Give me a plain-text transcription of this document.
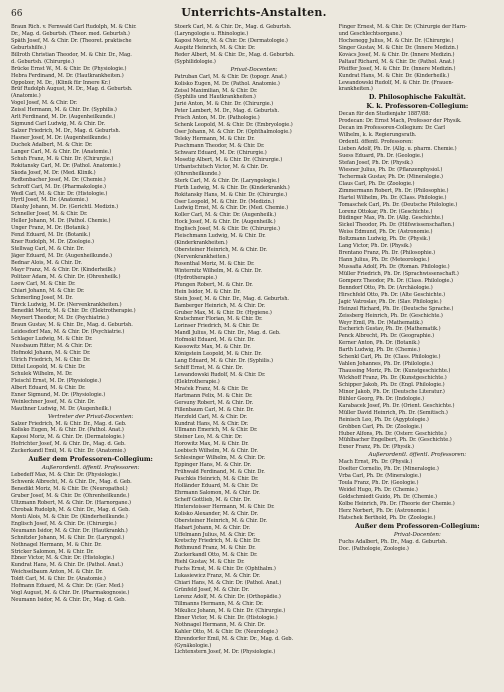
66	Unterrichts-Anstalten.
Braun Rich. v. Fernwald Carl Rudolph, M. & Chir.
Dr., Mag. d. Geburtsh. (Theor. med. Geburtsh.)
Späth Josef, M. & Chir. Dr. (Theoret. praktische
Geburtshilfe.)
Billroth Christian Theodor, M. & Chir. Dr., Mag.
d. Geburtsh. (Chirurgie.)
Brücke Ernst W., M. & Chir. Dr. (Physiologie.)
Hebra Ferdinand, M. Dr. (Hautkrankheiten.)
Oppolzer, M. Dr., (Klinik für Innere Kr.)
Brüf Rudolph August, M. Dr., Mag. d. Geburtsh.
(Anatomie.)
Vogel Josef, M. & Chir. Dr.
Zeissl Hermann, M. & Chir. Dr. (Syphilis.)
Arlt Ferdinand, M. Dr. (Augenheilkunde.)
Sigmund Carl Ludwig, M. & Chir. Dr.
Salzer Friedrich, M. Dr., Mag. d. Geburtsh.
Hasner Josef, M. Dr. (Augenheilkunde.)
Duchek Adalbert, M. & Chir. Dr.
Langer Carl, M. & Chir. Dr. (Anatomie.)
Schuh Franz, M. & Chir. Dr. (Chirurgie.)
Rokitansky Carl, M. Dr. (Pathol. Anatomie.)
Skoda Josef, M. Dr. (Med. Klinik.)
Redtenbacher Josef, M. Dr. (Chemie.)
Schroff Carl, M. Dr. (Pharmakologie.)
Wedl Carl, M. & Chir. Dr. (Histologie.)
Hyrtl Josef, M. Dr. (Anatomie.)
Dlauhy Johann, M. Dr. (Gerichtl. Medizin.)
Schneller Josef, M. & Chir. Dr.
Heller Johann, M. Dr. (Pathol. Chemie.)
Unger Franz, M. Dr. (Botanik.)
Fenzl Eduard, M. Dr. (Botanik.)
Kner Rudolph, M. Dr. (Zoologie.)
Stellwag Carl, M. & Chir. Dr.
Jäger Eduard, M. Dr. (Augenheilkunde.)
Bednar Alois, M. & Chir. Dr.
Mayr Franz, M. & Chir. Dr. (Kinderheilk.)
Politzer Adam, M. & Chir. Dr. (Ohrenheilk.)
Loew Carl, M. & Chir. Dr.
Chiari Johann, M. & Chir. Dr.
Schmerling Josef, M. Dr.
Türck Ludwig, M. Dr. (Nervenkrankheiten.)
Benedikt Moriz, M. & Chir. Dr. (Elektrotherapie.)
Meynert Theodor, M. Dr. (Psychiatrie.)
Braun Gustav, M. & Chir. Dr., Mag. d. Geburtsh.
Leidesdorf Max, M. & Chir. Dr. (Psychiatrie.)
Schlager Ludwig, M. & Chir. Dr.
Nussbaum Ritter, M. & Chir. Dr.
Hofmokl Johann, M. & Chir. Dr.
Ulrich Friedrich, M. & Chir. Dr.
Dittel Leopold, M. & Chir. Dr.
Schulek Wilhelm, M. Dr.
Fleischl Ernst, M. Dr. (Physiologie.)
Albert Eduard, M. & Chir. Dr.
Exner Sigmund, M. Dr. (Physiologie.)
Weinlechner Josef, M. & Chir. Dr.
Mauthner Ludwig, M. Dr. (Augenheilk.)
Vertreter der Privat-Docenten:
Salzer Friedrich, M. & Chir. Dr., Mag. d. Geb.
Kolisko Eugen, M. & Chir. Dr. (Pathol. Anat.)
Kaposi Moriz, M. & Chir. Dr. (Dermatologie.)
Hofrichter Josef, M. & Chir. Dr., Mag. d. Geb.
Zuckerkandl Emil, M. & Chir. Dr. (Anatomie.)
Außer dem Professoren-Collegium:
Außerordentl. öffentl. Professoren:
Lebedeff Max, M. & Chir. Dr. (Physiologie.)
Schwenk Albrecht, M. & Chir. Dr., Mag. d. Geb.
Benedikt Moriz, M. & Chir. Dr. (Neuropathol.)
Gruber Josef, M. & Chir. Dr. (Ohrenheilkunde.)
Ultzmann Robert, M. & Chir. Dr. (Harnorgane.)
Chrobak Rudolph, M. & Chir. Dr., Mag. d. Geb.
Monti Alois, M. & Chir. Dr. (Kinderheilkunde.)
Englisch Josef, M. & Chir. Dr. (Chirurgie.)
Neumann Isidor, M. & Chir. Dr. (Hautkrankh.)
Schnitzler Johann, M. & Chir. Dr. (Laryngol.)
Nothnagel Hermann, M. & Chir. Dr.
Stricker Salomon, M. & Chir. Dr.
Ebner Victor, M. & Chir. Dr. (Histologie.)
Kundrat Hans, M. & Chir. Dr. (Pathol. Anat.)
Weichselbaum Anton, M. & Chir. Dr.
Toldt Carl, M. & Chir. Dr. (Anatomie.)
Hofmann Eduard, M. & Chir. Dr. (Ger. Med.)
Vogl August, M. & Chir. Dr. (Pharmakognosie.)
Neumann Isidor, M. & Chir. Dr., Mag. d. Geb.
Stoerk Carl, M. & Chir. Dr., Mag. d. Geburtsh.
(Laryngologie u. Rhinologie.)
Kaposi Moriz, M. & Chir. Dr. (Dermatologie.)
Auspitz Heinrich, M. & Chir. Dr.
Reder Albert, M. & Chir. Dr., Mag. d. Geburtsh.
(Syphilidologie.)
Privat-Docenten:
Patruban Carl, M. & Chir. Dr. (topogr. Anat.)
Kolisko Eugen, M. Dr. (Pathol. Anatomie.)
Zeissl Maximilian, M. & Chir. Dr.
(Syphilis und Hautkrankheiten.)
Jurié Anton, M. & Chir. Dr. (Chirurgie.)
Peter Lambert, M. Dr., Mag. d. Geburtsh.
Frisch Anton, M. Dr. (Pathologie.)
Schenk Leopold, M. & Chir. Dr. (Embryologie.)
Oser Johann, M. & Chir. Dr. (Ophthalmologie.)
Teleky Hermann, M. & Chir. Dr.
Puschmann Theodor, M. & Chir. Dr.
Schwarz Eduard, M. Dr. (Chirurgie.)
Mosetig Albert, M. & Chir. Dr. (Chirurgie.)
Urbantschitsch Victor, M. & Chir. Dr.
(Ohrenheilkunde.)
Sterk Carl, M. & Chir. Dr. (Laryngologie.)
Fürth Ludwig, M. & Chir. Dr. (Kinderkrankh.)
Rokitansky Hans, M. & Chir. Dr. (Chirurgie.)
Oser Leopold, M. & Chir. Dr. (Medizin.)
Ludwig Ernst, M. & Chir. Dr. (Med. Chemie.)
Koller Carl, M. & Chir. Dr. (Augenheilk.)
Hock Josef, M. & Chir. Dr. (Augenheilk.)
Englisch Josef, M. & Chir. Dr. (Chirurgie.)
Fleischmann Ludwig, M. & Chir. Dr.
(Kinderkrankheiten.)
Obersteiner Heinrich, M. & Chir. Dr.
(Nervenkrankheiten.)
Rosenthal Moriz, M. & Chir. Dr.
Winternitz Wilhelm, M. & Chir. Dr.
(Hydrotherapie.)
Pfungen Robert, M. & Chir. Dr.
Hein Isidor, M. & Chir. Dr.
Stein Josef, M. & Chir. Dr., Mag. d. Geburtsh.
Bamberger Heinrich, M. & Chir. Dr.
Gruber Max, M. & Chir. Dr. (Hygiene.)
Kratschmer Florian, M. & Chir. Dr.
Lorinser Friedrich, M. & Chir. Dr.
Mandl Julius, M. & Chir. Dr., Mag. d. Geb.
Hofmokl Eduard, M. & Chir. Dr.
Kassowitz Max, M. & Chir. Dr.
Königstein Leopold, M. & Chir. Dr.
Lang Eduard, M. & Chir. Dr. (Syphilis.)
Schiff Ernst, M. & Chir. Dr.
Lewandowski Rudolf, M. & Chir. Dr.
(Elektrotherapie.)
Mraček Franz, M. & Chir. Dr.
Hartmann Felix, M. & Chir. Dr.
Gersuny Robert, M. & Chir. Dr.
Fillenbaum Carl, M. & Chir. Dr.
Herzfeld Carl, M. & Chir. Dr.
Kundrat Hans, M. & Chir. Dr.
Ullmann Emerich, M. & Chir. Dr.
Steiner Leo, M. & Chir. Dr.
Horowitz Max, M. & Chir. Dr.
Loebisch Wilhelm, M. & Chir. Dr.
Schlesinger Wilhelm, M. & Chir. Dr.
Eppinger Hans, M. & Chir. Dr.
Frühwald Ferdinand, M. & Chir. Dr.
Paschkis Heinrich, M. & Chir. Dr.
Holländer Eduard, M. & Chir. Dr.
Ehrmann Salomon, M. & Chir. Dr.
Scheff Gottlieb, M. & Chir. Dr.
Hinterstoisser Hermann, M. & Chir. Dr.
Kolisko Alexander, M. & Chir. Dr.
Obersteiner Heinrich, M. & Chir. Dr.
Habart Johann, M. & Chir. Dr.
Uffelmann Julius, M. & Chir. Dr.
Kretschy Friedrich, M. & Chir. Dr.
Rothmund Franz, M. & Chir. Dr.
Zuckerkandl Otto, M. & Chir. Dr.
Riehl Gustav, M. & Chir. Dr.
Fuchs Ernst, M. & Chir. Dr. (Ophthalm.)
Lukasiewicz Franz, M. & Chir. Dr.
Chiari Hans, M. & Chir. Dr. (Pathol. Anat.)
Grünfeld Josef, M. & Chir. Dr.
Lorenz Adolf, M. & Chir. Dr. (Orthopädie.)
Tillmanns Hermann, M. & Chir. Dr.
Mikulicz Johann, M. & Chir. Dr. (Chirurgie.)
Ebner Victor, M. & Chir. Dr. (Histologie.)
Nothnagel Hermann, M. & Chir. Dr.
Kahler Otto, M. & Chir. Dr. (Neurologie.)
Ehrendorfer Emil, M. & Chir. Dr., Mag. d. Geb.
(Gynäkologie.)
Lichtenstern Josef, M. Dr. (Physiologie.)
Finger Ernest, M. & Chir. Dr. (Chirurgie der Harn-
und Geschlechtsorgane.)
Hochenegg Julius, M. & Chir. Dr. (Chirurgie.)
Singer Gustav, M. & Chir. Dr. (Innere Medizin.)
Kovács Josef, M. & Chir. Dr. (Innere Medizin.)
Paltauf Richard, M. & Chir. Dr. (Pathol. Anat.)
Pfeiffer Josef, M. & Chir. Dr. (Innere Medizin.)
Kundrat Hans, M. & Chir. Dr. (Kinderheilk.)
Lewandowski Rudolf, M. & Chir. Dr. (Frauen-
krankheiten.)
D. Philosophische Fakultät.
K. k. Professoren-Collegium:
Decan für den Studienjahr 1887/88:
Prodecan: Dr. Ernst Mach, Professor der Physik.
Decan im Professoren-Collegium: Dr. Carl
Wilhelm, k. k. Regierungsrath.
Ordentl. öffentl. Professoren:
Lieben Adolf, Ph. Dr. (Allg. u. pharm. Chemie.)
Suess Eduard, Ph. Dr. (Geologie.)
Stefan Josef, Ph. Dr. (Physik.)
Wiesner Julius, Ph. Dr. (Pflanzenphysiol.)
Tschermak Gustav, Ph. Dr. (Mineralogie.)
Claus Carl, Ph. Dr. (Zoologie.)
Zimmermann Robert, Ph. Dr. (Philosophie.)
Hartel Wilhelm, Ph. Dr. (Class. Philologie.)
Tomaschek Carl, Ph. Dr. (Deutsche Philologie.)
Lorenz Ottokar, Ph. Dr. (Geschichte.)
Büdinger Max, Ph. Dr. (Allg. Geschichte.)
Sickel Theodor, Ph. Dr. (Hilfswissenschaften.)
Weiss Edmund, Ph. Dr. (Astronomie.)
Boltzmann Ludwig, Ph. Dr. (Physik.)
Lang Victor, Ph. Dr. (Physik.)
Brentano Franz, Ph. Dr. (Philosophie.)
Hann Julius, Ph. Dr. (Meteorologie.)
Mussafia Adolf, Ph. Dr. (Roman. Philologie.)
Müller Friedrich, Ph. Dr. (Sprachwissenschaft.)
Gomperz Theodor, Ph. Dr. (Class. Philologie.)
Benndorf Otto, Ph. Dr. (Archäologie.)
Hirschfeld Otto, Ph. Dr. (Alte Geschichte.)
Jagić Vatroslav, Ph. Dr. (Slav. Philologie.)
Heinzel Richard, Ph. Dr. (Deutsche Sprache.)
Zeissberg Heinrich, Ph. Dr. (Geschichte.)
Weyr Emil, Ph. Dr. (Mathematik.)
Escherich Gustav, Ph. Dr. (Mathematik.)
Penck Albrecht, Ph. Dr. (Geographie.)
Kerner Anton, Ph. Dr. (Botanik.)
Barth Ludwig, Ph. Dr. (Chemie.)
Schenkl Carl, Ph. Dr. (Class. Philologie.)
Vahlen Johannes, Ph. Dr. (Philologie.)
Thaussing Moriz, Ph. Dr. (Kunstgeschichte.)
Wickhoff Franz, Ph. Dr. (Kunstgeschichte.)
Schipper Jakob, Ph. Dr. (Engl. Philologie.)
Minor Jakob, Ph. Dr. (Deutsche Literatur.)
Bühler Georg, Ph. Dr. (Indologie.)
Karabacek Josef, Ph. Dr. (Orient. Geschichte.)
Müller David Heinrich, Ph. Dr. (Semitisch.)
Reinisch Leo, Ph. Dr. (Ägyptologie.)
Grobben Carl, Ph. Dr. (Zoologie.)
Huber Alfons, Ph. Dr. (Österr. Geschichte.)
Mühlbacher Engelbert, Ph. Dr. (Geschichte.)
Exner Franz, Ph. Dr. (Physik.)
Außerordentl. öffentl. Professoren:
Mach Ernst, Ph. Dr. (Physik.)
Doelter Cornelio, Ph. Dr. (Mineralogie.)
Vrba Carl, Ph. Dr. (Mineralogie.)
Toula Franz, Ph. Dr. (Geologie.)
Weidel Hugo, Ph. Dr. (Chemie.)
Goldschmiedt Guido, Ph. Dr. (Chemie.)
Kolbe Heinrich, Ph. Dr. (Theorie der Chemie.)
Herz Norbert, Ph. Dr. (Astronomie.)
Hatschek Berthold, Ph. Dr. (Zoologie.)
Außer dem Professoren-Collegium:
Privat-Docenten:
Fuchs Adalbert, Ph. Dr., Mag. d. Geburtsh.
Doc. (Pathologie, Zoologie.)
